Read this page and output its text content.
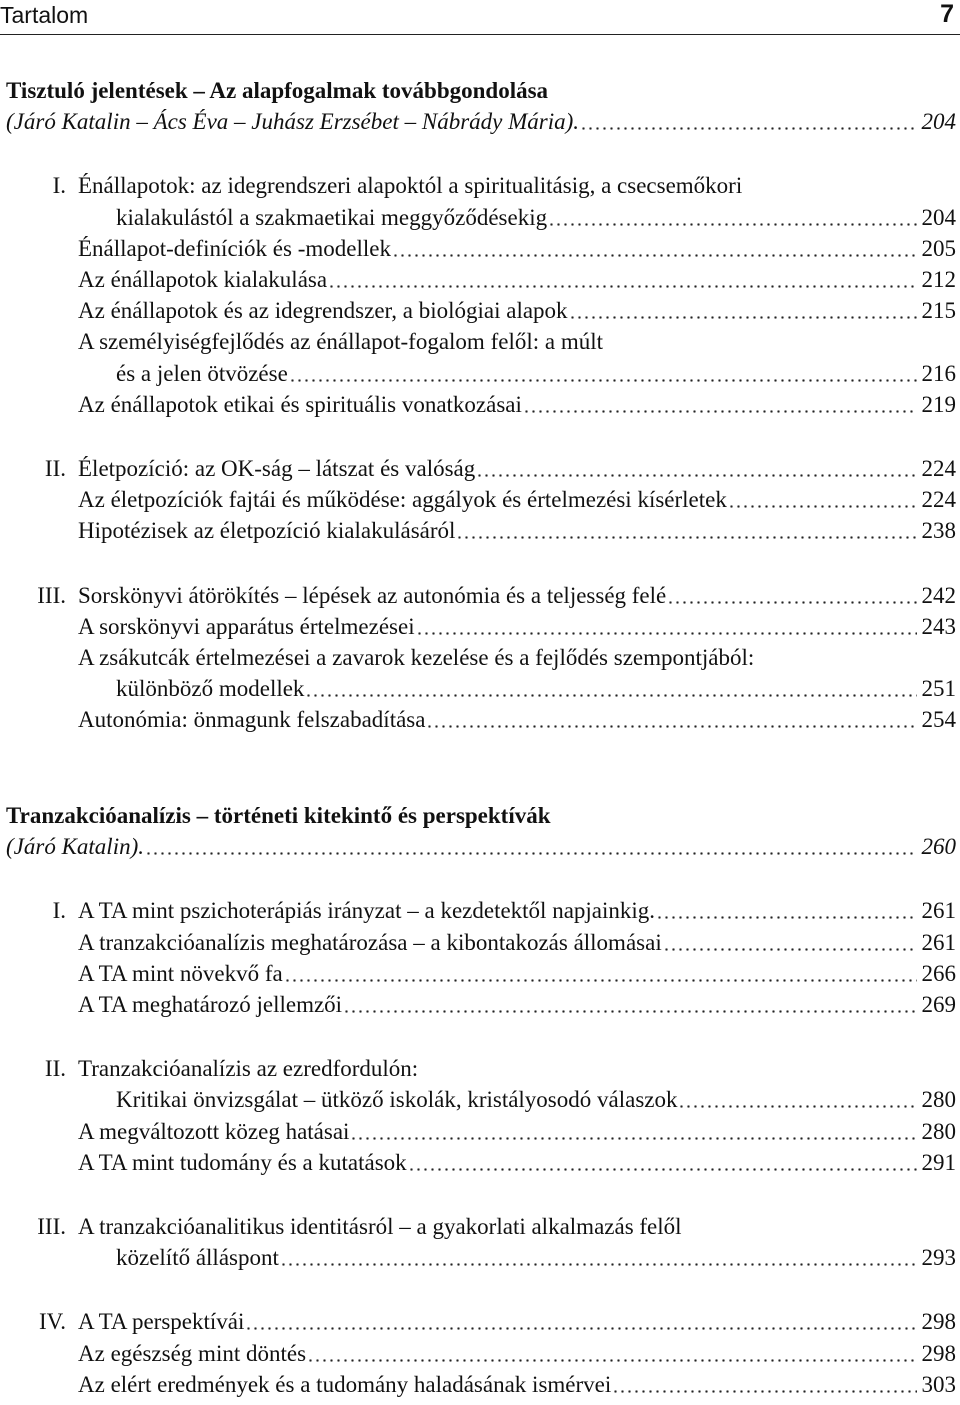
Tartalom	7
Tisztuló jelentések – Az alapfogalmak továbbgondolása
(Járó Katalin – Ács Éva – Juhász Erzsébet – Nábrády Mária).	204
I. Énállapotok: az idegrendszeri alapoktól a spiritualitásig, a csecsemőkori
kialakulástól a szakmaetikai meggyőződésekig	204
Énállapot-definíciók és -modellek	205
Az énállapotok kialakulása	212
Az énállapotok és az idegrendszer, a biológiai alapok	215
A személyiségfejlődés az énállapot-fogalom felől: a múlt
és a jelen ötvözése	216
Az énállapotok etikai és spirituális vonatkozásai	219
II. Életpozíció: az OK-ság – látszat és valóság	224
Az életpozíciók fajtái és működése: aggályok és értelmezési kísérletek	224
Hipotézisek az életpozíció kialakulásáról	238
III. Sorskönyvi átörökítés – lépések az autonómia és a teljesség felé	242
A sorskönyvi apparátus értelmezései	243
A zsákutcák értelmezései a zavarok kezelése és a fejlődés szempontjából:
különböző modellek	251
Autonómia: önmagunk felszabadítása	254
Tranzakcióanalízis – történeti kitekintő és perspektívák
(Járó Katalin).	260
I. A TA mint pszichoterápiás irányzat – a kezdetektől napjainkig.	261
A tranzakcióanalízis meghatározása – a kibontakozás állomásai	261
A TA mint növekvő fa	266
A TA meghatározó jellemzői	269
II. Tranzakcióanalízis az ezredfordulón:
Kritikai önvizsgálat – ütköző iskolák, kristályosodó válaszok	280
A megváltozott közeg hatásai	280
A TA mint tudomány és a kutatások	291
III. A tranzakcióanalitikus identitásról – a gyakorlati alkalmazás felől
közelítő álláspont	293
IV. A TA perspektívái	298
Az egészség mint döntés	298
Az elért eredmények és a tudomány haladásának ismérvei	303
